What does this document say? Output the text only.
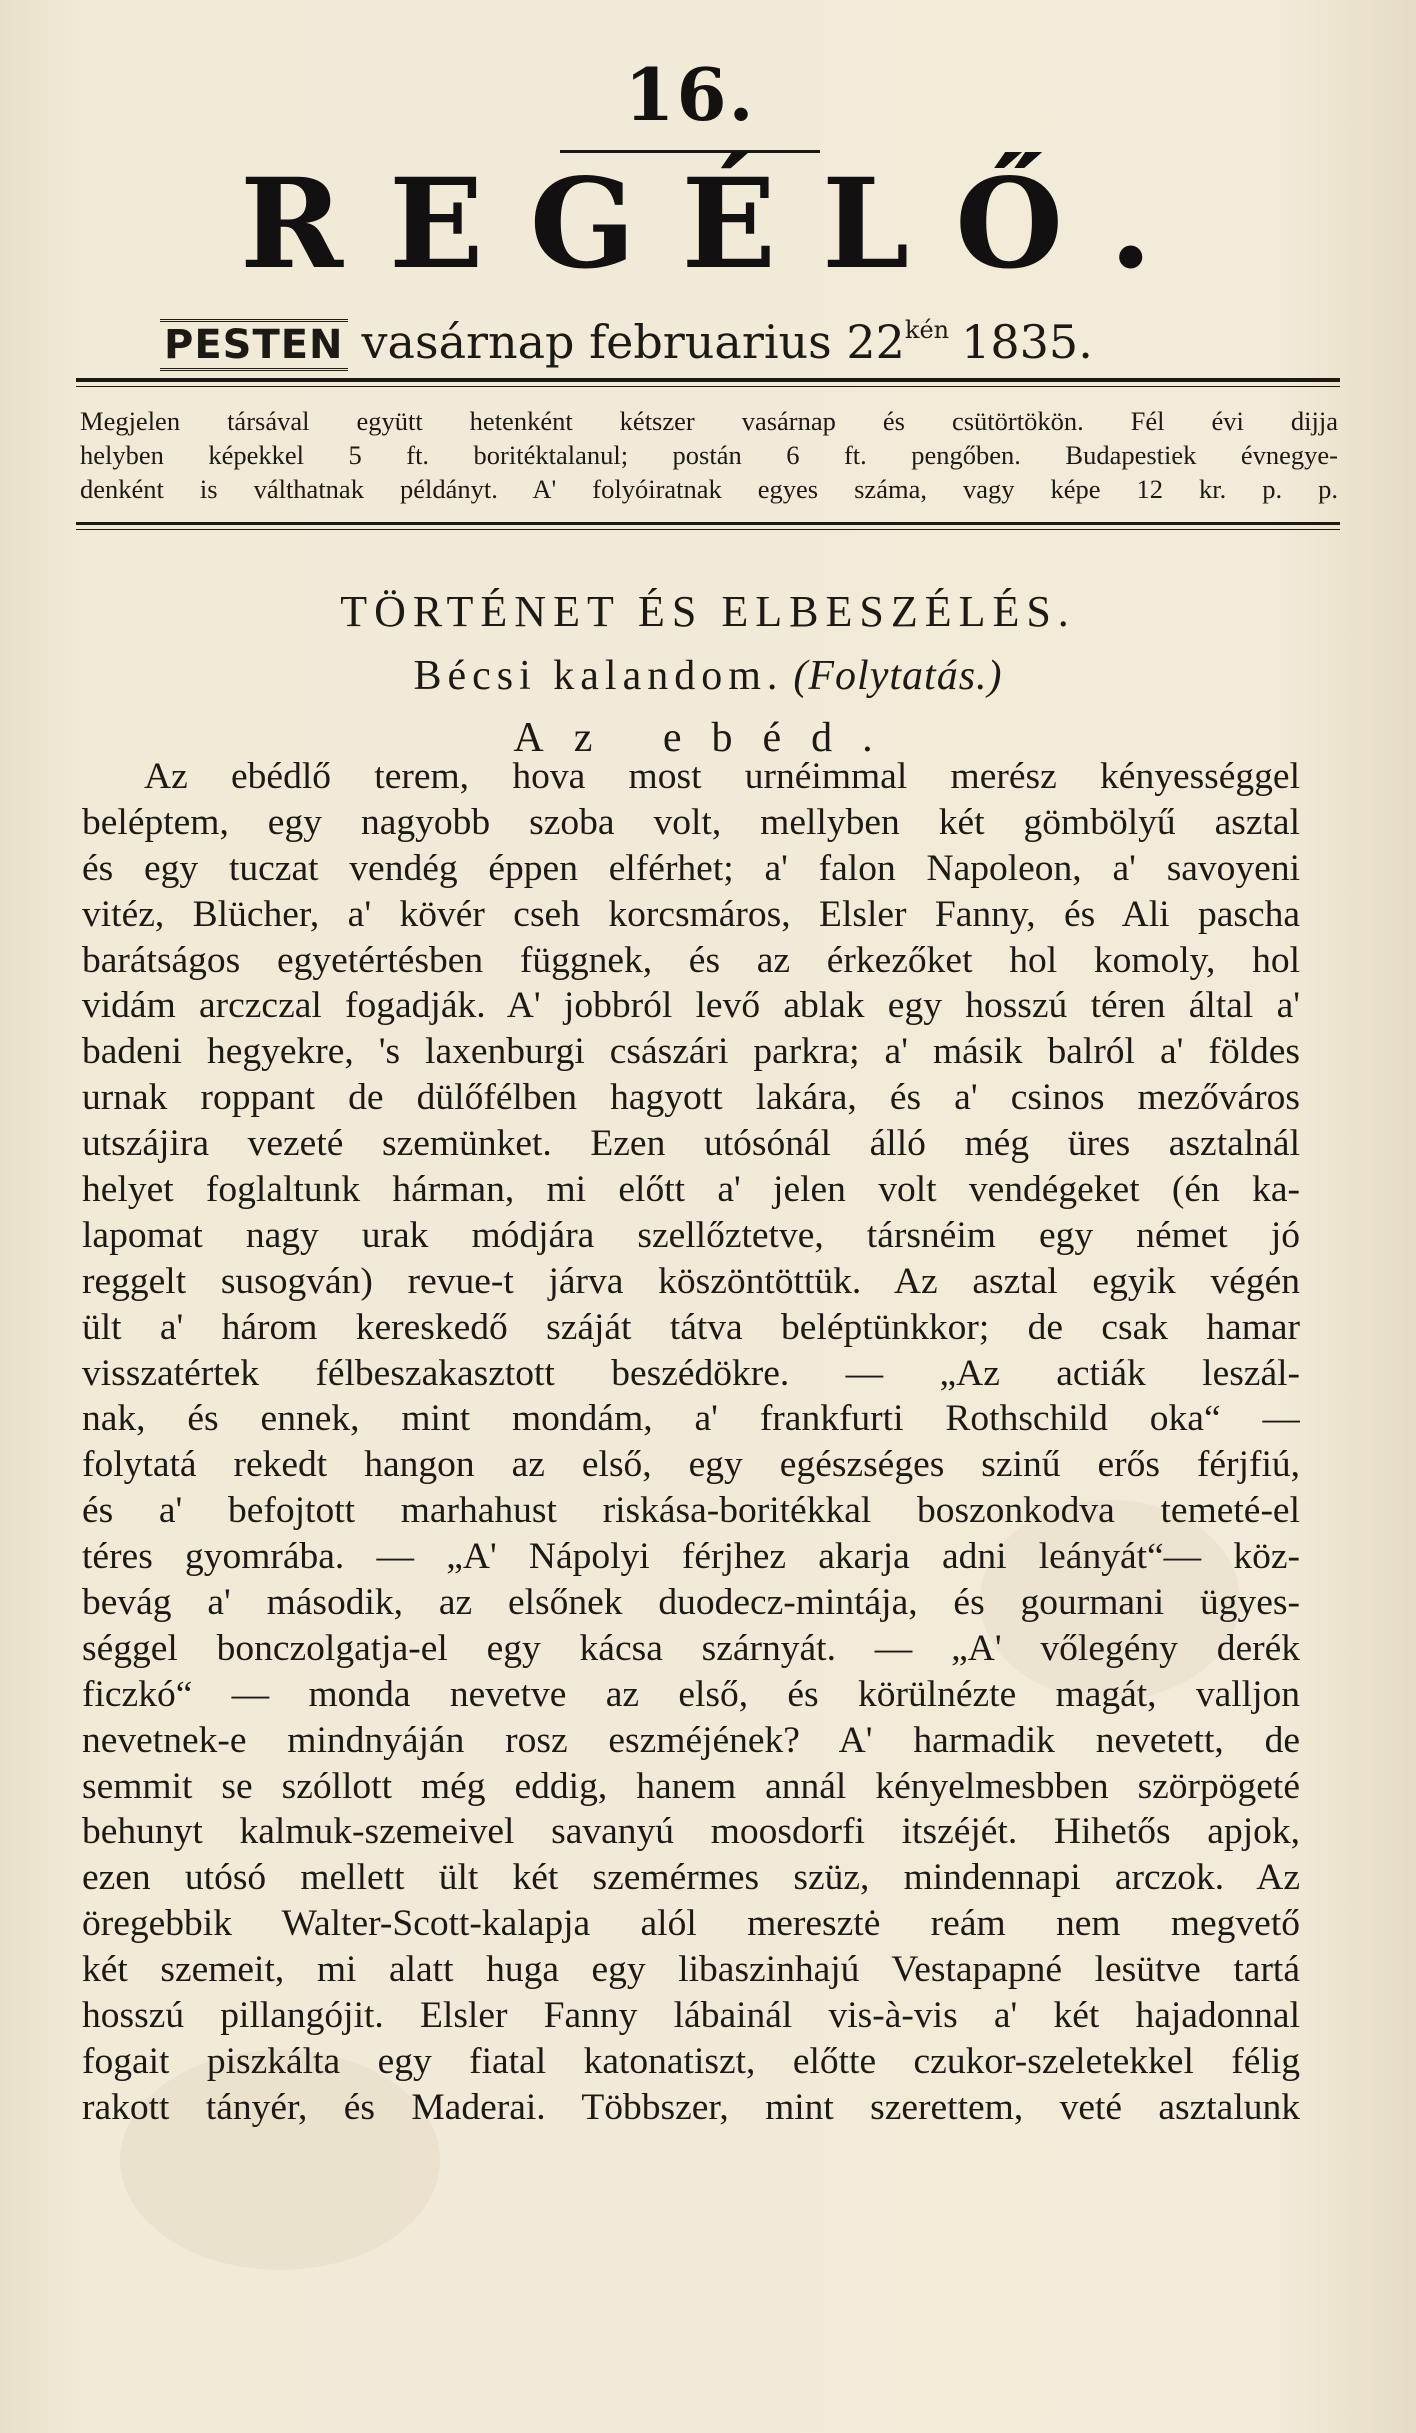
16.
REGÉLŐ.
PESTEN vasárnap februarius $22^{kén}$ 1835.
Megjelen társával együtt hetenként kétszer vasárnap és csütörtökön. Fél évi dijja
helyben képekkel 5 ft. boritéktalanul; postán 6 ft. pengőben. Budapestiek évnegye-
denként is válthatnak példányt. A' folyóiratnak egyes száma, vagy képe 12 kr. p. p.
TÖRTÉNET ÉS ELBESZÉLÉS.
Bécsi kalandom. (Folytatás.)
Az ebéd.
Az ebédlő terem, hova most urnéimmal merész kényességgel
beléptem, egy nagyobb szoba volt, mellyben két gömbölyű asztal
és egy tuczat vendég éppen elférhet; a' falon Napoleon, a' savoyeni
vitéz, Blücher, a' kövér cseh korcsmáros, Elsler Fanny, és Ali pascha
barátságos egyetértésben függnek, és az érkezőket hol komoly, hol
vidám arczczal fogadják. A' jobbról levő ablak egy hosszú téren által a'
badeni hegyekre, 's laxenburgi császári parkra; a' másik balról a' földes
urnak roppant de dülőfélben hagyott lakára, és a' csinos mezőváros
utszájira vezeté szemünket. Ezen utósónál álló még üres asztalnál
helyet foglaltunk hárman, mi előtt a' jelen volt vendégeket (én ka-
lapomat nagy urak módjára szellőztetve, társnéim egy német jó
reggelt susogván) revue-t járva köszöntöttük. Az asztal egyik végén
ült a' három kereskedő száját tátva beléptünkkor; de csak hamar
visszatértek félbeszakasztott beszédökre. — „Az actiák leszál-
nak, és ennek, mint mondám, a' frankfurti Rothschild oka“ —
folytatá rekedt hangon az első, egy egészséges szinű erős férjfiú,
és a' befojtott marhahust riskása-boritékkal boszonkodva temeté-el
téres gyomrába. — „A' Nápolyi férjhez akarja adni leányát“— köz-
bevág a' második, az elsőnek duodecz-mintája, és gourmani ügyes-
séggel bonczolgatja-el egy kácsa szárnyát. — „A' vőlegény derék
ficzkó“ — monda nevetve az első, és körülnézte magát, valljon
nevetnek-e mindnyáján rosz eszméjének? A' harmadik nevetett, de
semmit se szóllott még eddig, hanem annál kényelmesbben szörpögeté
behunyt kalmuk-szemeivel savanyú moosdorfi itszéjét. Hihetős apjok,
ezen utósó mellett ült két szemérmes szüz, mindennapi arczok. Az
öregebbik Walter-Scott-kalapja alól meresztė reám nem megvető
két szemeit, mi alatt huga egy libaszinhajú Vestapapné lesütve tartá
hosszú pillangójit. Elsler Fanny lábainál vis-à-vis a' két hajadonnal
fogait piszkálta egy fiatal katonatiszt, előtte czukor-szeletekkel félig
rakott tányér, és Maderai. Többszer, mint szerettem, veté asztalunk
